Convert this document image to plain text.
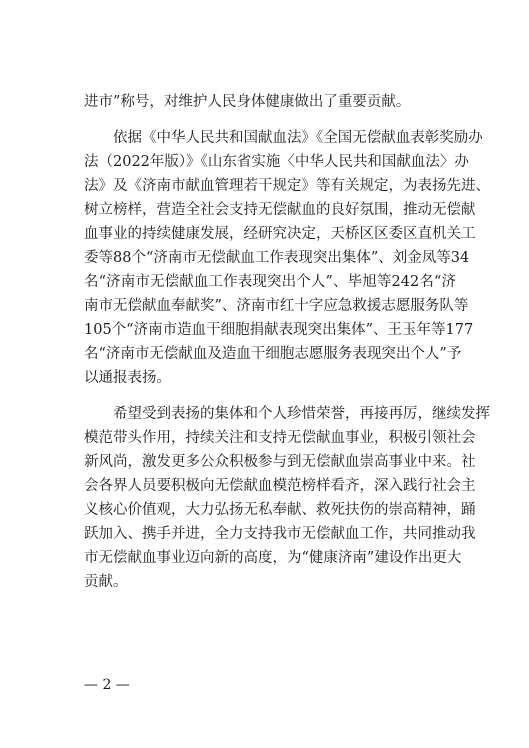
进市”称号，对维护人民身体健康做出了重要贡献。

　　依据《中华人民共和国献血法》《全国无偿献血表彰奖励办
法（2022年版）》《山东省实施〈中华人民共和国献血法〉办
法》及《济南市献血管理若干规定》等有关规定，为表扬先进、
树立榜样，营造全社会支持无偿献血的良好氛围，推动无偿献
血事业的持续健康发展，经研究决定，天桥区区委区直机关工
委等88个“济南市无偿献血工作表现突出集体”、刘金凤等34
名“济南市无偿献血工作表现突出个人”、毕旭等242名“济
南市无偿献血奉献奖”、济南市红十字应急救援志愿服务队等
105个“济南市造血干细胞捐献表现突出集体”、王玉年等177
名“济南市无偿献血及造血干细胞志愿服务表现突出个人”予
以通报表扬。

　　希望受到表扬的集体和个人珍惜荣誉，再接再厉，继续发挥
模范带头作用，持续关注和支持无偿献血事业，积极引领社会
新风尚，激发更多公众积极参与到无偿献血崇高事业中来。社
会各界人员要积极向无偿献血模范榜样看齐，深入践行社会主
义核心价值观，大力弘扬无私奉献、救死扶伤的崇高精神，踊
跃加入、携手并进，全力支持我市无偿献血工作，共同推动我
市无偿献血事业迈向新的高度，为“健康济南”建设作出更大
贡献。

— 2 —
